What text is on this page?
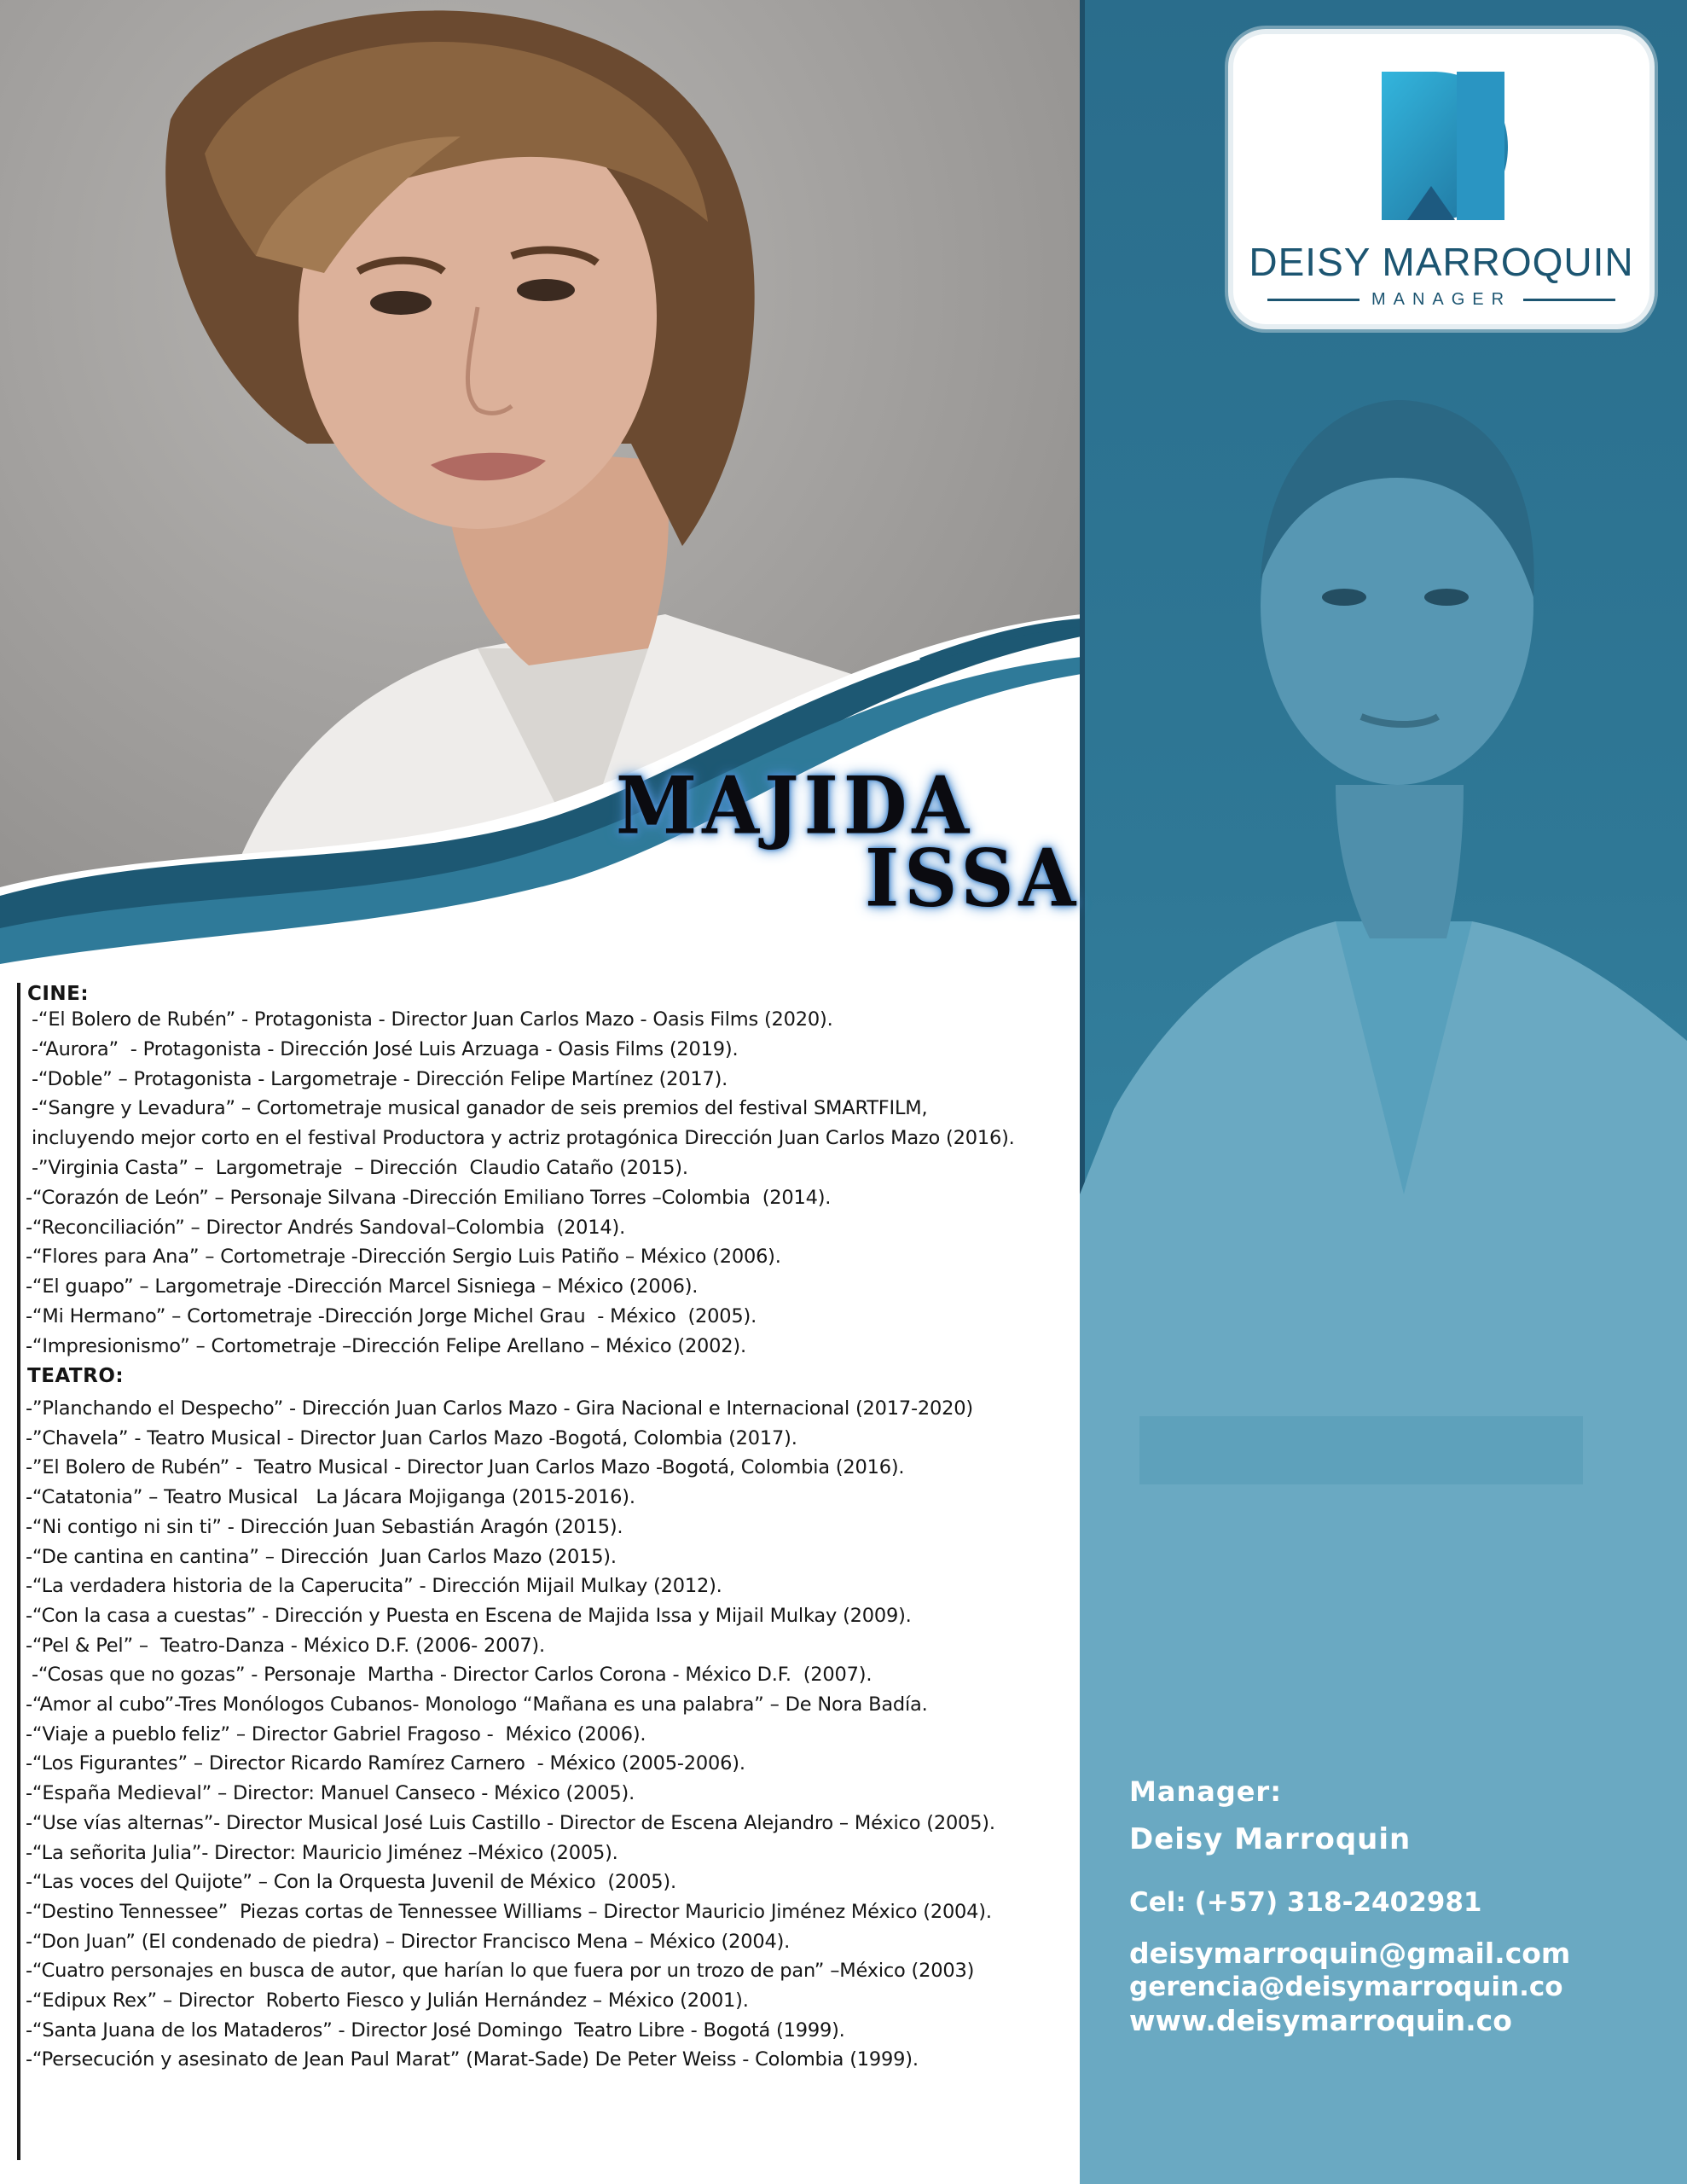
DEISY MARROQUIN
MANAGER
Manager:
Deisy Marroquin
Cel: (+57) 318-2402981
deisymarroquin@gmail.com
gerencia@deisymarroquin.co
www.deisymarroquin.co
MAJIDA
ISSA
CINE:
-“El Bolero de Rubén” - Protagonista - Director Juan Carlos Mazo - Oasis Films (2020).
-“Aurora”  - Protagonista - Dirección José Luis Arzuaga - Oasis Films (2019).
-“Doble” – Protagonista - Largometraje - Dirección Felipe Martínez (2017).
-“Sangre y Levadura” – Cortometraje musical ganador de seis premios del festival SMARTFILM,
incluyendo mejor corto en el festival Productora y actriz protagónica Dirección Juan Carlos Mazo (2016).
-”Virginia Casta” –  Largometraje  – Dirección  Claudio Cataño (2015).
-“Corazón de León” – Personaje Silvana -Dirección Emiliano Torres –Colombia  (2014).
-“Reconciliación” – Director Andrés Sandoval–Colombia  (2014).
-“Flores para Ana” – Cortometraje -Dirección Sergio Luis Patiño – México (2006).
-“El guapo” – Largometraje -Dirección Marcel Sisniega – México (2006).
-“Mi Hermano” – Cortometraje -Dirección Jorge Michel Grau  - México  (2005).
-“Impresionismo” – Cortometraje –Dirección Felipe Arellano – México (2002).
TEATRO:
-”Planchando el Despecho” - Dirección Juan Carlos Mazo - Gira Nacional e Internacional (2017-2020)
-”Chavela” - Teatro Musical - Director Juan Carlos Mazo -Bogotá, Colombia (2017).
-”El Bolero de Rubén” -  Teatro Musical - Director Juan Carlos Mazo -Bogotá, Colombia (2016).
-“Catatonia” – Teatro Musical   La Jácara Mojiganga (2015-2016).
-“Ni contigo ni sin ti” - Dirección Juan Sebastián Aragón (2015).
-“De cantina en cantina” – Dirección  Juan Carlos Mazo (2015).
-“La verdadera historia de la Caperucita” - Dirección Mijail Mulkay (2012).
-“Con la casa a cuestas” - Dirección y Puesta en Escena de Majida Issa y Mijail Mulkay (2009).
-“Pel & Pel” –  Teatro-Danza - México D.F. (2006- 2007).
-“Cosas que no gozas” - Personaje  Martha - Director Carlos Corona - México D.F.  (2007).
-“Amor al cubo”-Tres Monólogos Cubanos- Monologo “Mañana es una palabra” – De Nora Badía.
-“Viaje a pueblo feliz” – Director Gabriel Fragoso -  México (2006).
-“Los Figurantes” – Director Ricardo Ramírez Carnero  - México (2005-2006).
-“España Medieval” – Director: Manuel Canseco - México (2005).
-“Use vías alternas”- Director Musical José Luis Castillo - Director de Escena Alejandro – México (2005).
-“La señorita Julia”- Director: Mauricio Jiménez –México (2005).
-“Las voces del Quijote” – Con la Orquesta Juvenil de México  (2005).
-“Destino Tennessee”  Piezas cortas de Tennessee Williams – Director Mauricio Jiménez México (2004).
-“Don Juan” (El condenado de piedra) – Director Francisco Mena – México (2004).
-“Cuatro personajes en busca de autor, que harían lo que fuera por un trozo de pan” –México (2003)
-“Edipux Rex” – Director  Roberto Fiesco y Julián Hernández – México (2001).
-“Santa Juana de los Mataderos” - Director José Domingo  Teatro Libre - Bogotá (1999).
-“Persecución y asesinato de Jean Paul Marat” (Marat-Sade) De Peter Weiss - Colombia (1999).
